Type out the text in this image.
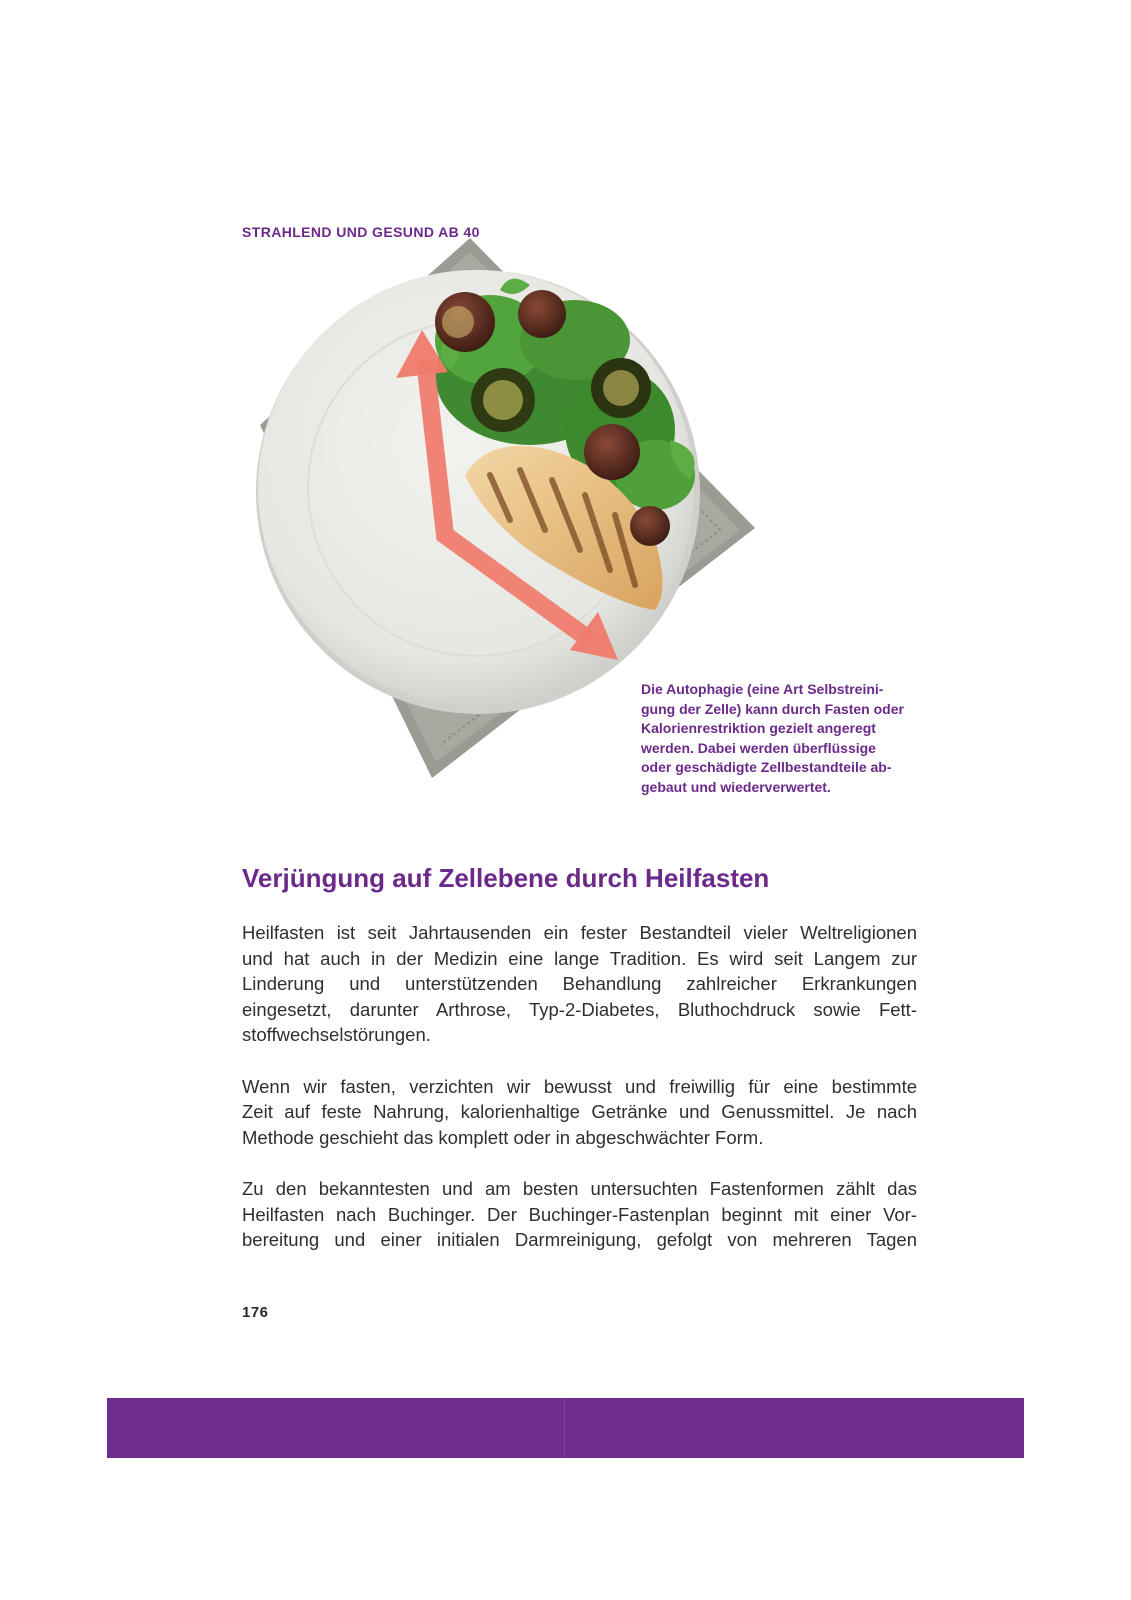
STRAHLEND UND GESUND AB 40
Die Autophagie (eine Art Selbstreini-
gung der Zelle) kann durch Fasten oder
Kalorienrestriktion gezielt angeregt
werden. Dabei werden überflüssige
oder geschädigte Zellbestandteile ab-
gebaut und wiederverwertet.
Verjüngung auf Zellebene durch Heilfasten
Heilfasten ist seit Jahrtausenden ein fester Bestandteil vieler Weltreligionen
und hat auch in der Medizin eine lange Tradition. Es wird seit Langem zur
Linderung und unterstützenden Behandlung zahlreicher Erkrankungen
eingesetzt, darunter Arthrose, Typ-2-Diabetes, Bluthochdruck sowie Fett-
stoffwechselstörungen.
Wenn wir fasten, verzichten wir bewusst und freiwillig für eine bestimmte
Zeit auf feste Nahrung, kalorienhaltige Getränke und Genussmittel. Je nach
Methode geschieht das komplett oder in abgeschwächter Form.
Zu den bekanntesten und am besten untersuchten Fastenformen zählt das
Heilfasten nach Buchinger. Der Buchinger-Fastenplan beginnt mit einer Vor-
bereitung und einer initialen Darmreinigung, gefolgt von mehreren Tagen
176
